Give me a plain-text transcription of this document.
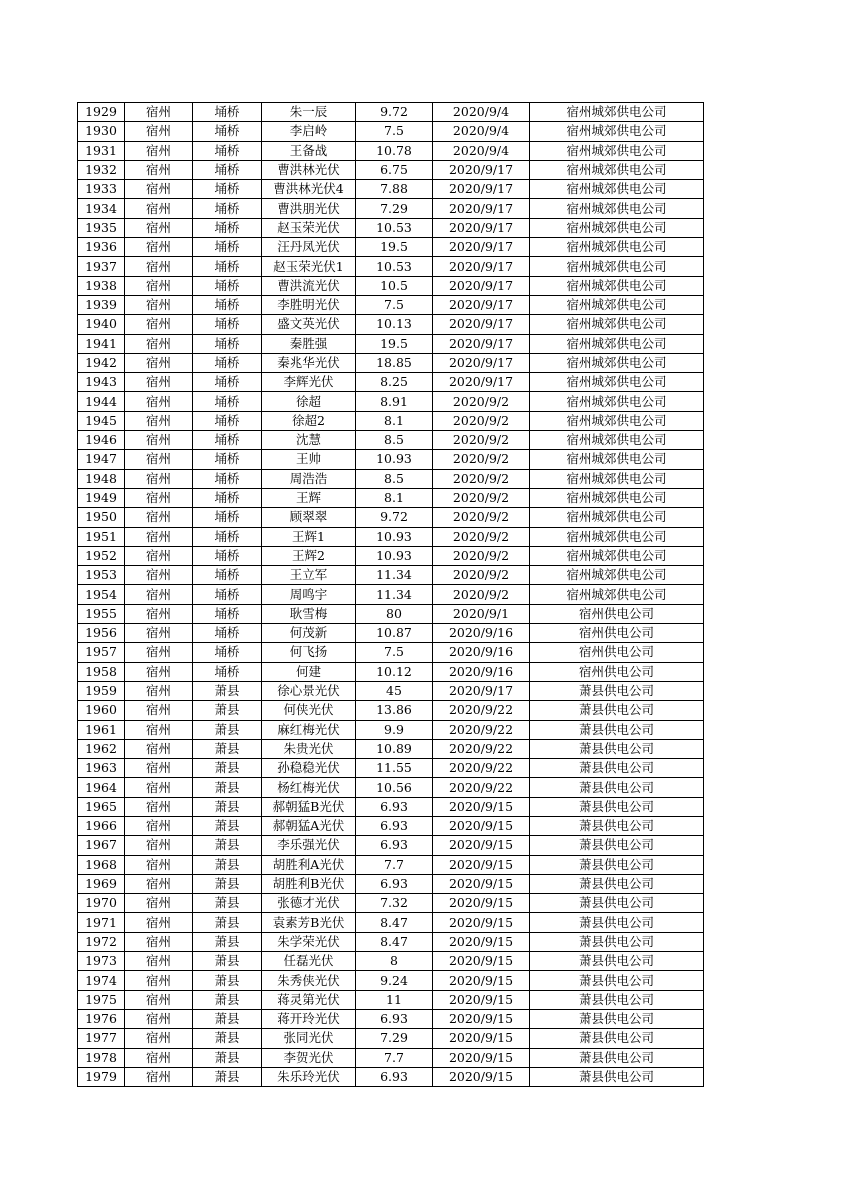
1929	宿州	埇桥	朱一辰	9.72	2020/9/4	宿州城郊供电公司
1930	宿州	埇桥	李启岭	7.5	2020/9/4	宿州城郊供电公司
1931	宿州	埇桥	王备战	10.78	2020/9/4	宿州城郊供电公司
1932	宿州	埇桥	曹洪林光伏	6.75	2020/9/17	宿州城郊供电公司
1933	宿州	埇桥	曹洪林光伏4	7.88	2020/9/17	宿州城郊供电公司
1934	宿州	埇桥	曹洪朋光伏	7.29	2020/9/17	宿州城郊供电公司
1935	宿州	埇桥	赵玉荣光伏	10.53	2020/9/17	宿州城郊供电公司
1936	宿州	埇桥	汪丹凤光伏	19.5	2020/9/17	宿州城郊供电公司
1937	宿州	埇桥	赵玉荣光伏1	10.53	2020/9/17	宿州城郊供电公司
1938	宿州	埇桥	曹洪流光伏	10.5	2020/9/17	宿州城郊供电公司
1939	宿州	埇桥	李胜明光伏	7.5	2020/9/17	宿州城郊供电公司
1940	宿州	埇桥	盛文英光伏	10.13	2020/9/17	宿州城郊供电公司
1941	宿州	埇桥	秦胜强	19.5	2020/9/17	宿州城郊供电公司
1942	宿州	埇桥	秦兆华光伏	18.85	2020/9/17	宿州城郊供电公司
1943	宿州	埇桥	李辉光伏	8.25	2020/9/17	宿州城郊供电公司
1944	宿州	埇桥	徐超	8.91	2020/9/2	宿州城郊供电公司
1945	宿州	埇桥	徐超2	8.1	2020/9/2	宿州城郊供电公司
1946	宿州	埇桥	沈慧	8.5	2020/9/2	宿州城郊供电公司
1947	宿州	埇桥	王帅	10.93	2020/9/2	宿州城郊供电公司
1948	宿州	埇桥	周浩浩	8.5	2020/9/2	宿州城郊供电公司
1949	宿州	埇桥	王辉	8.1	2020/9/2	宿州城郊供电公司
1950	宿州	埇桥	顾翠翠	9.72	2020/9/2	宿州城郊供电公司
1951	宿州	埇桥	王辉1	10.93	2020/9/2	宿州城郊供电公司
1952	宿州	埇桥	王辉2	10.93	2020/9/2	宿州城郊供电公司
1953	宿州	埇桥	王立军	11.34	2020/9/2	宿州城郊供电公司
1954	宿州	埇桥	周鸣宇	11.34	2020/9/2	宿州城郊供电公司
1955	宿州	埇桥	耿雪梅	80	2020/9/1	宿州供电公司
1956	宿州	埇桥	何茂新	10.87	2020/9/16	宿州供电公司
1957	宿州	埇桥	何飞扬	7.5	2020/9/16	宿州供电公司
1958	宿州	埇桥	何建	10.12	2020/9/16	宿州供电公司
1959	宿州	萧县	徐心景光伏	45	2020/9/17	萧县供电公司
1960	宿州	萧县	何侠光伏	13.86	2020/9/22	萧县供电公司
1961	宿州	萧县	麻红梅光伏	9.9	2020/9/22	萧县供电公司
1962	宿州	萧县	朱贵光伏	10.89	2020/9/22	萧县供电公司
1963	宿州	萧县	孙稳稳光伏	11.55	2020/9/22	萧县供电公司
1964	宿州	萧县	杨红梅光伏	10.56	2020/9/22	萧县供电公司
1965	宿州	萧县	郝朝猛B光伏	6.93	2020/9/15	萧县供电公司
1966	宿州	萧县	郝朝猛A光伏	6.93	2020/9/15	萧县供电公司
1967	宿州	萧县	李乐强光伏	6.93	2020/9/15	萧县供电公司
1968	宿州	萧县	胡胜利A光伏	7.7	2020/9/15	萧县供电公司
1969	宿州	萧县	胡胜利B光伏	6.93	2020/9/15	萧县供电公司
1970	宿州	萧县	张德才光伏	7.32	2020/9/15	萧县供电公司
1971	宿州	萧县	袁素芳B光伏	8.47	2020/9/15	萧县供电公司
1972	宿州	萧县	朱学荣光伏	8.47	2020/9/15	萧县供电公司
1973	宿州	萧县	任磊光伏	8	2020/9/15	萧县供电公司
1974	宿州	萧县	朱秀侠光伏	9.24	2020/9/15	萧县供电公司
1975	宿州	萧县	蒋灵第光伏	11	2020/9/15	萧县供电公司
1976	宿州	萧县	蒋开玲光伏	6.93	2020/9/15	萧县供电公司
1977	宿州	萧县	张同光伏	7.29	2020/9/15	萧县供电公司
1978	宿州	萧县	李贺光伏	7.7	2020/9/15	萧县供电公司
1979	宿州	萧县	朱乐玲光伏	6.93	2020/9/15	萧县供电公司
